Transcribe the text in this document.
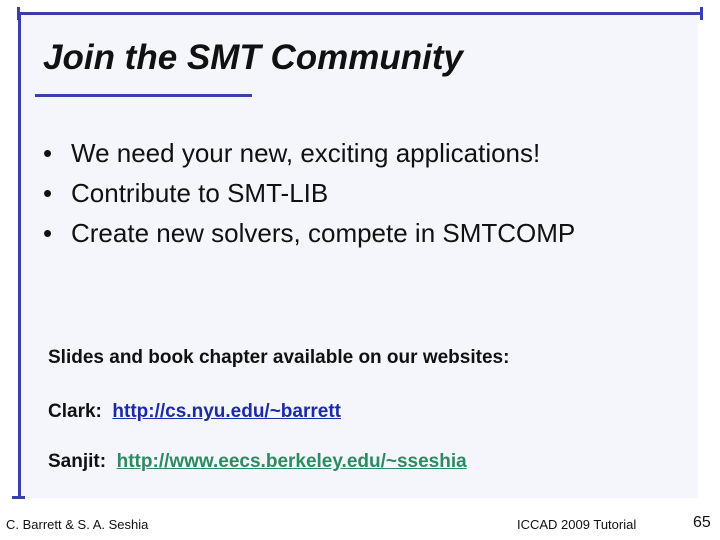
Join the SMT Community
• We need your new, exciting applications!
• Contribute to SMT-LIB
• Create new solvers, compete in SMTCOMP

Slides and book chapter available on our websites:

Clark: http://cs.nyu.edu/~barrett

Sanjit: http://www.eecs.berkeley.edu/~sseshia

C. Barrett & S. A. Seshia	ICCAD 2009 Tutorial	65
